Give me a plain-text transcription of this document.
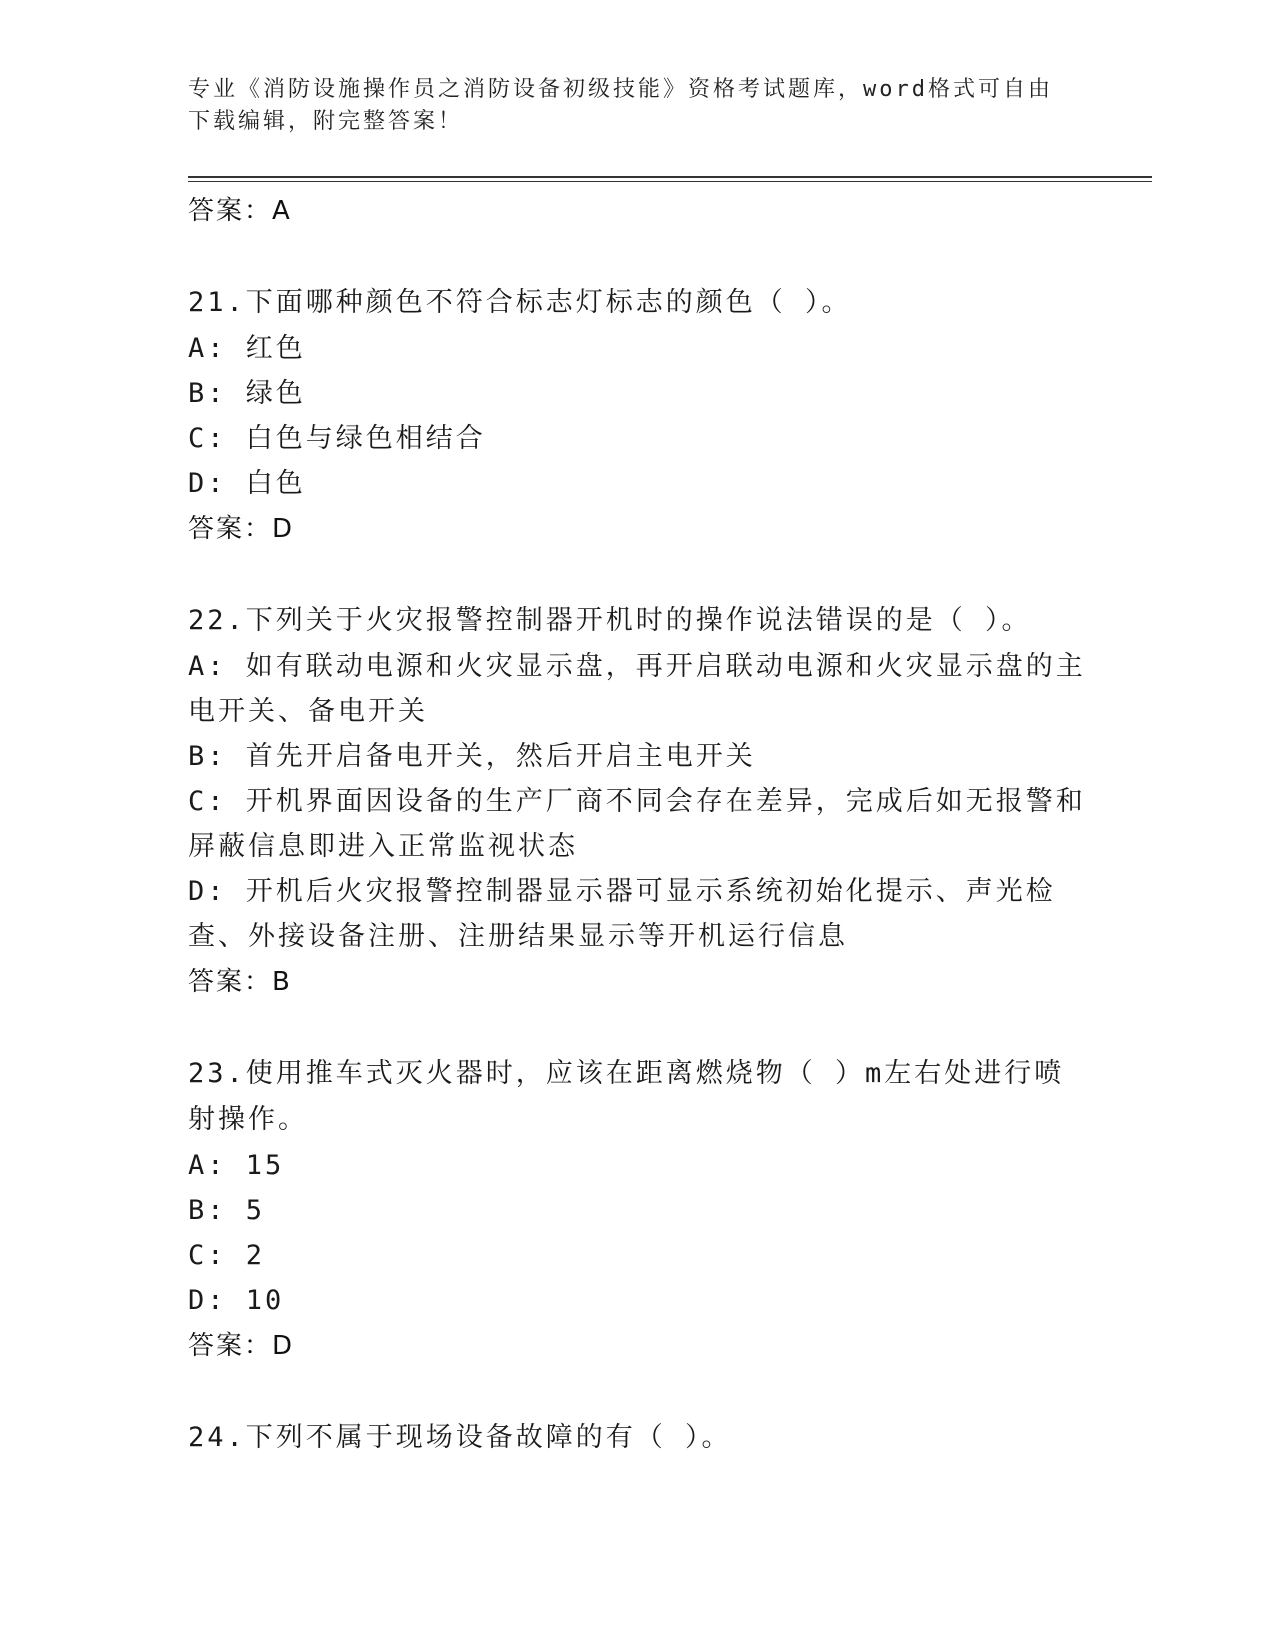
专业《消防设施操作员之消防设备初级技能》资格考试题库，word格式可自由下载编辑，附完整答案！
答案：A
21.下面哪种颜色不符合标志灯标志的颜色（ ）。
A: 红色
B: 绿色
C: 白色与绿色相结合
D: 白色
答案：D
22.下列关于火灾报警控制器开机时的操作说法错误的是（ ）。
A: 如有联动电源和火灾显示盘，再开启联动电源和火灾显示盘的主电开关、备电开关
B: 首先开启备电开关，然后开启主电开关
C: 开机界面因设备的生产厂商不同会存在差异，完成后如无报警和屏蔽信息即进入正常监视状态
D: 开机后火灾报警控制器显示器可显示系统初始化提示、声光检查、外接设备注册、注册结果显示等开机运行信息
答案：B
23.使用推车式灭火器时，应该在距离燃烧物（ ）m左右处进行喷射操作。
A: 15
B: 5
C: 2
D: 10
答案：D
24.下列不属于现场设备故障的有（ ）。
